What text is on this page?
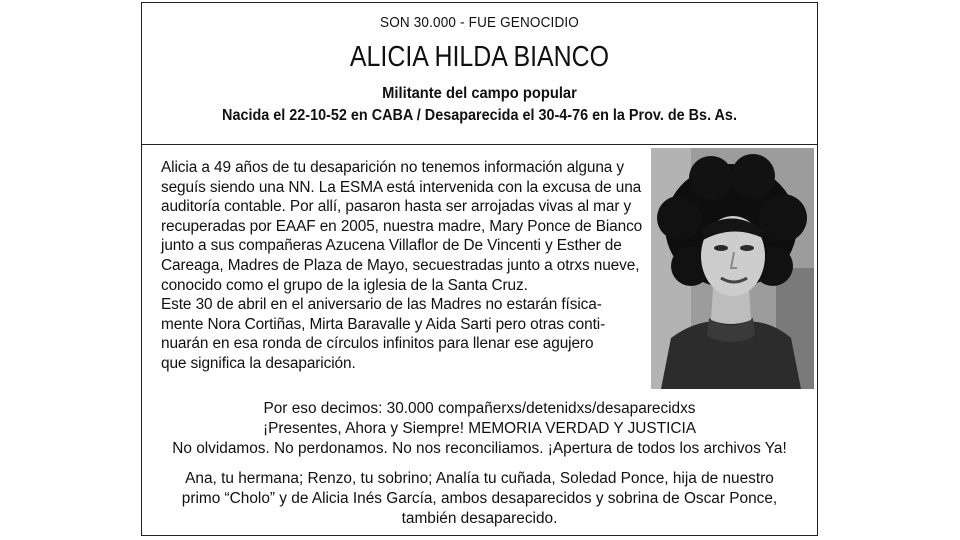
SON 30.000 - FUE GENOCIDIO
ALICIA HILDA BIANCO
Militante del campo popular
Nacida el 22-10-52 en CABA / Desaparecida el 30-4-76 en la Prov. de Bs. As.

Alicia a 49 años de tu desaparición no tenemos información alguna y

seguís siendo una NN. La ESMA está intervenida con la excusa de una

auditoría contable. Por allí, pasaron hasta ser arrojadas vivas al mar y

recuperadas por EAAF en 2005, nuestra madre, Mary Ponce de Bianco

junto a sus compañeras Azucena Villaflor de De Vincenti y Esther de

Careaga, Madres de Plaza de Mayo, secuestradas junto a otrxs nueve,

conocido como el grupo de la iglesia de la Santa Cruz.

Este 30 de abril en el aniversario de las Madres no estarán física-

mente Nora Cortiñas, Mirta Baravalle y Aida Sarti pero otras conti-

nuarán en esa ronda de círculos infinitos para llenar ese agujero

que significa la desaparición.

Por eso decimos: 30.000 compañerxs/detenidxs/desaparecidxs

¡Presentes, Ahora y Siempre! MEMORIA VERDAD Y JUSTICIA

No olvidamos. No perdonamos. No nos reconciliamos. ¡Apertura de todos los archivos Ya!

Ana, tu hermana; Renzo, tu sobrino; Analía tu cuñada, Soledad Ponce, hija de nuestro

primo “Cholo” y de Alicia Inés García, ambos desaparecidos y sobrina de Oscar Ponce,

también desaparecido.
